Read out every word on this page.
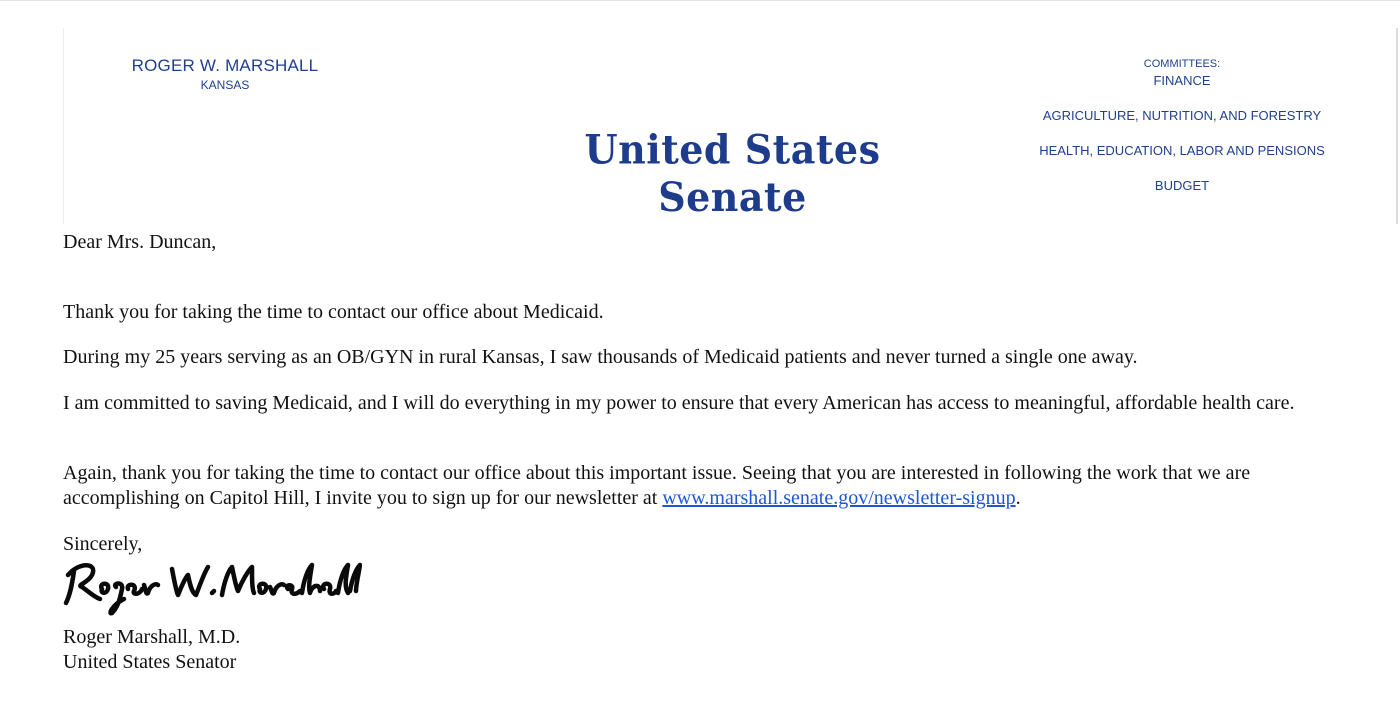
ROGER W. MARSHALL
KANSAS
United States Senate
COMMITTEES:
FINANCE
AGRICULTURE, NUTRITION, AND FORESTRY
HEALTH, EDUCATION, LABOR AND PENSIONS
BUDGET
Dear Mrs. Duncan,
Thank you for taking the time to contact our office about Medicaid.
During my 25 years serving as an OB/GYN in rural Kansas, I saw thousands of Medicaid patients and never turned a single one away.
I am committed to saving Medicaid, and I will do everything in my power to ensure that every American has access to meaningful, affordable health care.
Again, thank you for taking the time to contact our office about this important issue. Seeing that you are interested in following the work that we are accomplishing on Capitol Hill, I invite you to sign up for our newsletter at www.marshall.senate.gov/newsletter-signup.
Sincerely,
Roger Marshall, M.D.
United States Senator
